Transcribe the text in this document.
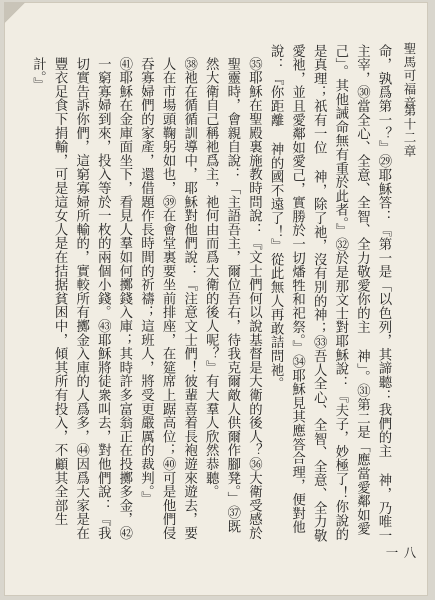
聖馬可福音
第十二章
八一
命，孰爲第一？』㉙耶穌答：『第一是「以色列，其諦聽：我們的主 神，乃唯一主宰，㉚當全心、全意、全智、全力敬愛你的主 神」。㉛第二是「應當愛鄰如愛己」。其他誡命無有重於此者。』㉜於是那文士對耶穌說：『夫子，妙極了！你說的是真理；祇有一位 神，除了祂，沒有別的神；㉝吾人全心、全智、全意、全力敬愛祂，並且愛鄰如愛己，實勝於一切燔牲和祀祭。』㉞耶穌見其應答合理，便對他說：『你距離 神的國不遠了！』從此無人再敢詰問祂。
㉟耶穌在聖殿裏施教時問說：『文士們何以說基督是大衛的後人？㊱大衛受感於聖靈時，會親自說：「主語吾主，爾位吾右，待我克爾敵人供爾作腳凳。」㊲既然大衛自己稱祂爲主，祂何由而爲大衛的後人呢？』有大羣人欣然恭聽。
㊳祂在循循訓導中，耶穌對他們說：『注意文士們！彼輩喜着長袍遊來遊去，要人在市場頭鞠躬如也，㊴在會堂裏要坐前排座，在筵席上踞高位；㊵可是他們侵吞寡婦們的家產，還借題作長時間的祈禱；這班人，將受更嚴厲的裁判。』
㊶耶穌在金庫面坐下，看見人羣如何擲錢入庫；其時許多富翁正在投擲多金，㊷一窮寡婦到來，投入等於一枚的兩個小錢。㊸耶穌將徒衆叫去，對他們說：『我切實告訴你們，這窮寡婦所輸的，實較所有擲金入庫的人爲多，㊹因爲大家是在豐衣足食下捐輸，可是這女人是在拮据貧困中，傾其所有投入，不顧其全部生計。』
